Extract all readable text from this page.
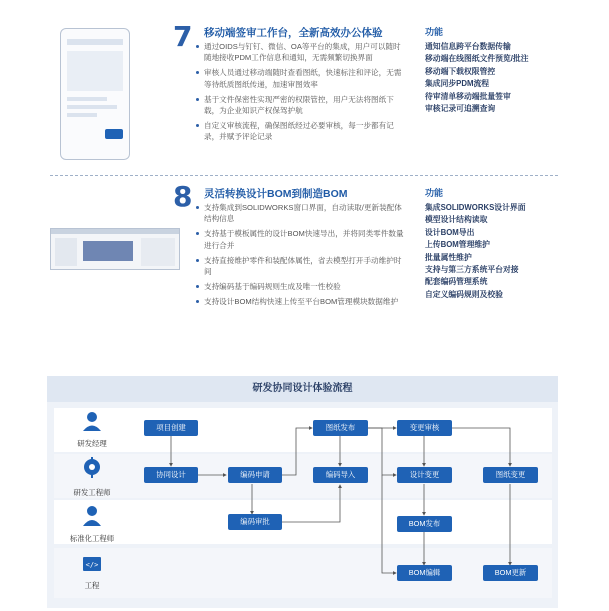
7 移动端签审工作台，全新高效办公体验
通过OIDS与钉钉、微信、OA等平台的集成，用户可以随时随地接收PDM工作信息和通知，无需频繁切换界面
审核人员通过移动端随时查看图纸，快速标注和评论，无需等待纸质图纸传递，加速审图效率
基于文件保密性实现严密的权限管控，用户无法将图纸下载，为企业知识产权保驾护航
自定义审核流程，确保图纸经过必要审核，每一步都有记录，并赋予评论记录
功能
通知信息跨平台数据传输
移动端在线图纸文件预览/批注
移动端下载权限管控
集成同步PDM流程
待审清单移动端批量签审
审核记录可追溯查询
8 灵活转换设计BOM到制造BOM
支持集成到SOLIDWORKS窗口界面，自动读取/更新装配体结构信息
支持基于模板属性的设计BOM快速导出，并将同类零件数量进行合并
支持直接维护零件和装配体属性，省去模型打开手动维护时间
支持编码基于编码规则生成及唯一性校验
支持设计BOM结构快速上传至平台BOM管理模块数据维护
功能
集成SOLIDWORKS设计界面
模型设计结构读取
设计BOM导出
上传BOM管理维护
批量属性维护
支持与第三方系统平台对接
配套编码管理系统
自定义编码规则及校验
研发协同设计体验流程
研发经理
研发工程师
标准化工程师
</>
工程
项目创建
协同设计	编码申请
编码审批
图纸发布
编码导入
变更审核
设计变更
BOM发布
BOM编辑
图纸变更
BOM更新
